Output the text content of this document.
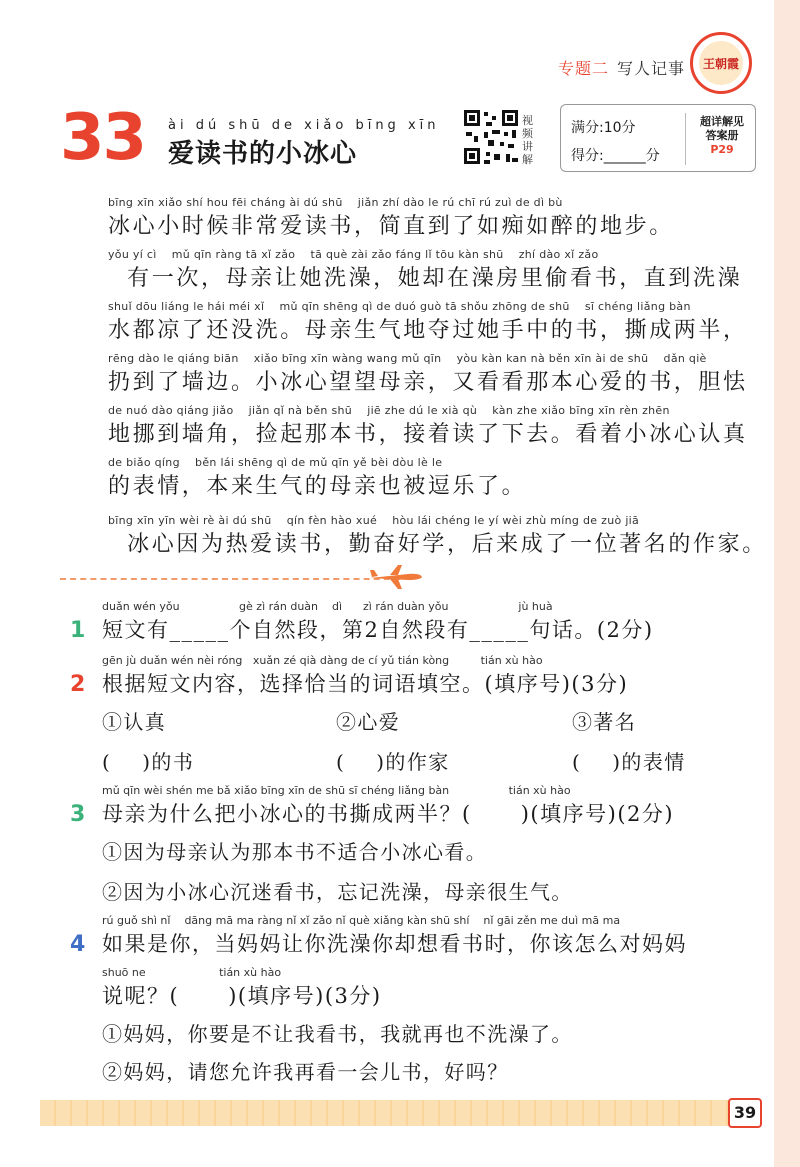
专题二 写人记事	王朝霞
33 ài dú shū de xiǎo bīng xīn
爱读书的小冰心
视频讲解
满分:10分
得分:______分
超详解见
答案册
P29
bīng xīn xiǎo shí hou fēi cháng ài dú shū    jiǎn zhí dào le rú chī rú zuì de dì bù
冰心小时候非常爱读书，简直到了如痴如醉的地步。
yǒu yí cì    mǔ qīn ràng tā xǐ zǎo    tā què zài zǎo fáng lǐ tōu kàn shū    zhí dào xǐ zǎo
有一次，母亲让她洗澡，她却在澡房里偷看书，直到洗澡
shuǐ dōu liáng le hái méi xǐ    mǔ qīn shēng qì de duó guò tā shǒu zhōng de shū    sī chéng liǎng bàn
水都凉了还没洗。母亲生气地夺过她手中的书，撕成两半，
rēng dào le qiáng biān    xiǎo bīng xīn wàng wang mǔ qīn    yòu kàn kan nà běn xīn ài de shū    dǎn qiè
扔到了墙边。小冰心望望母亲，又看看那本心爱的书，胆怯
de nuó dào qiáng jiǎo    jiǎn qǐ nà běn shū    jiē zhe dú le xià qù    kàn zhe xiǎo bīng xīn rèn zhēn
地挪到墙角，捡起那本书，接着读了下去。看着小冰心认真
de biǎo qíng    běn lái shēng qì de mǔ qīn yě bèi dòu lè le
的表情，本来生气的母亲也被逗乐了。
bīng xīn yīn wèi rè ài dú shū    qín fèn hào xué    hòu lái chéng le yí wèi zhù míng de zuò jiā
冰心因为热爱读书，勤奋好学，后来成了一位著名的作家。
1
duǎn wén yǒu                 gè zì rán duàn    dì      zì rán duàn yǒu                    jù huà
短文有_____个自然段，第2自然段有_____句话。(2分)
2
gēn jù duǎn wén nèi róng   xuǎn zé qià dàng de cí yǔ tián kòng         tián xù hào
根据短文内容，选择恰当的词语填空。(填序号)(3分)
①认真	②心爱	③著名
(    )的书	(    )的作家	(    )的表情
3
mǔ qīn wèi shén me bǎ xiǎo bīng xīn de shū sī chéng liǎng bàn                 tián xù hào
母亲为什么把小冰心的书撕成两半？(      )(填序号)(2分)
①因为母亲认为那本书不适合小冰心看。
②因为小冰心沉迷看书，忘记洗澡，母亲很生气。
4
rú guǒ shì nǐ    dāng mā ma ràng nǐ xǐ zǎo nǐ què xiǎng kàn shū shí    nǐ gāi zěn me duì mā ma
如果是你，当妈妈让你洗澡你却想看书时，你该怎么对妈妈
shuō ne                     tián xù hào
说呢？(      )(填序号)(3分)
①妈妈，你要是不让我看书，我就再也不洗澡了。
②妈妈，请您允许我再看一会儿书，好吗？
39
